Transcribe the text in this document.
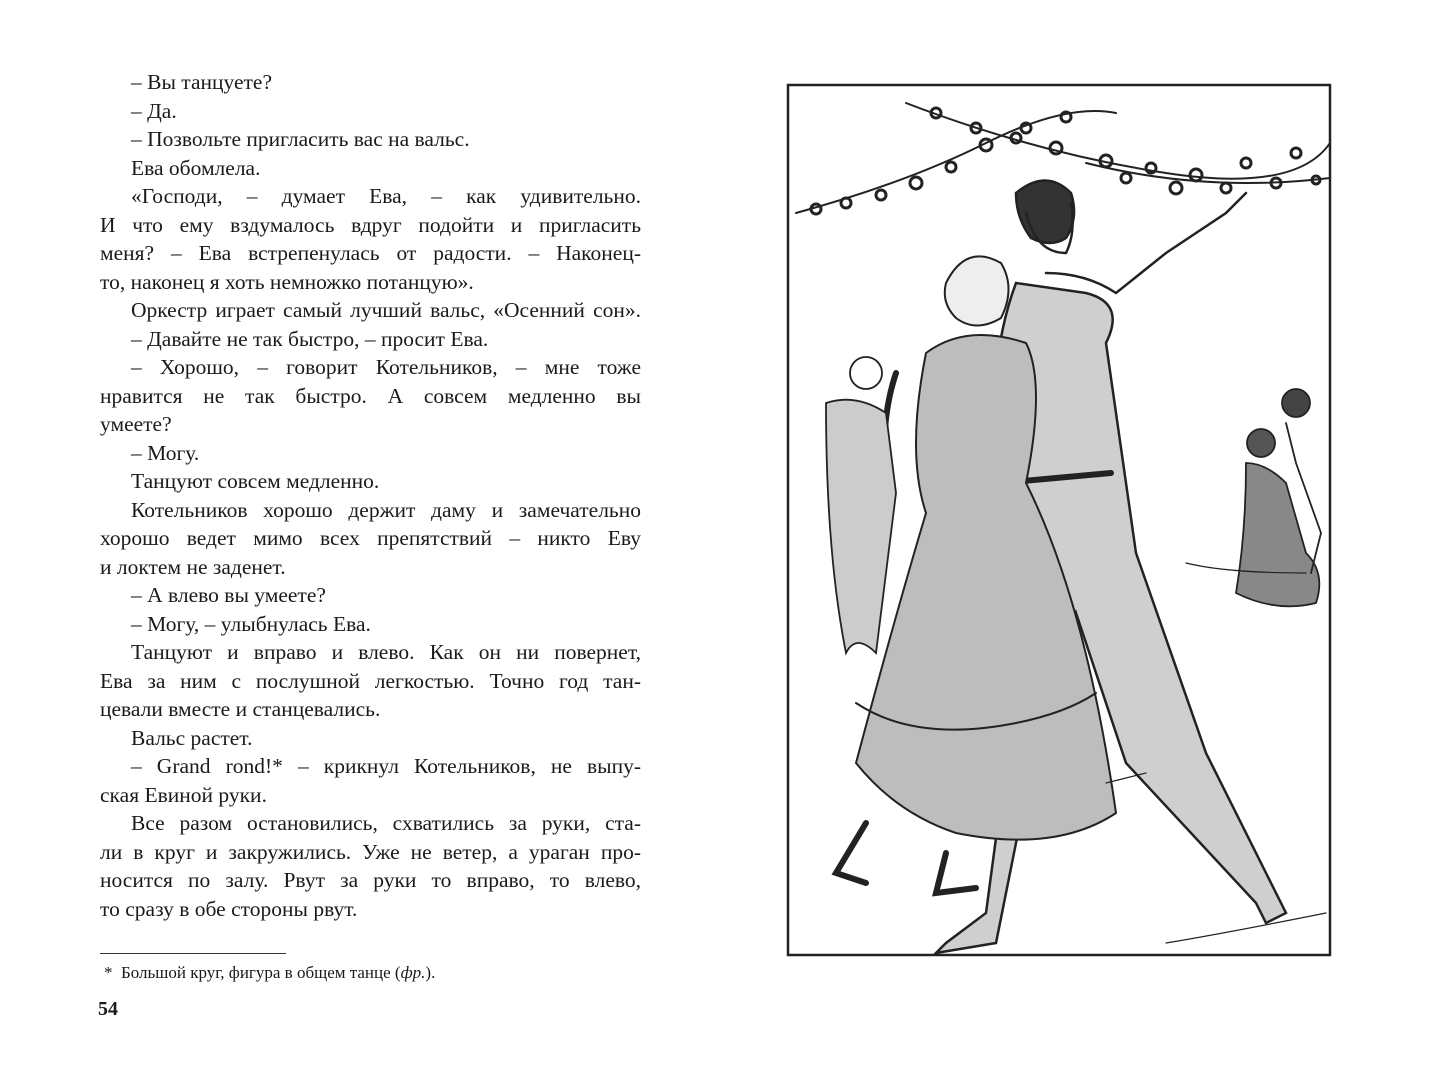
– Вы танцуете?
– Да.
– Позвольте пригласить вас на вальс.
Ева обомлела.
«Господи, – думает Ева, – как удивительно.
И что ему вздумалось вдруг подойти и пригласить
меня? – Ева встрепенулась от радости. – Наконец-
то, наконец я хоть немножко потанцую».
Оркестр играет самый лучший вальс, «Осенний сон».
– Давайте не так быстро, – просит Ева.
– Хорошо, – говорит Котельников, – мне тоже
нравится не так быстро. А совсем медленно вы
умеете?
– Могу.
Танцуют совсем медленно.
Котельников хорошо держит даму и замечательно
хорошо ведет мимо всех препятствий – никто Еву
и локтем не заденет.
– А влево вы умеете?
– Могу, – улыбнулась Ева.
Танцуют и вправо и влево. Как он ни повернет,
Ева за ним с послушной легкостью. Точно год тан-
цевали вместе и станцевались.
Вальс растет.
– Grand rond!* – крикнул Котельников, не выпу-
ская Евиной руки.
Все разом остановились, схватились за руки, ста-
ли в круг и закружились. Уже не ветер, а ураган про-
носится по залу. Рвут за руки то вправо, то влево,
то сразу в обе стороны рвут.
* Большой круг, фигура в общем танце (фр.).
54
